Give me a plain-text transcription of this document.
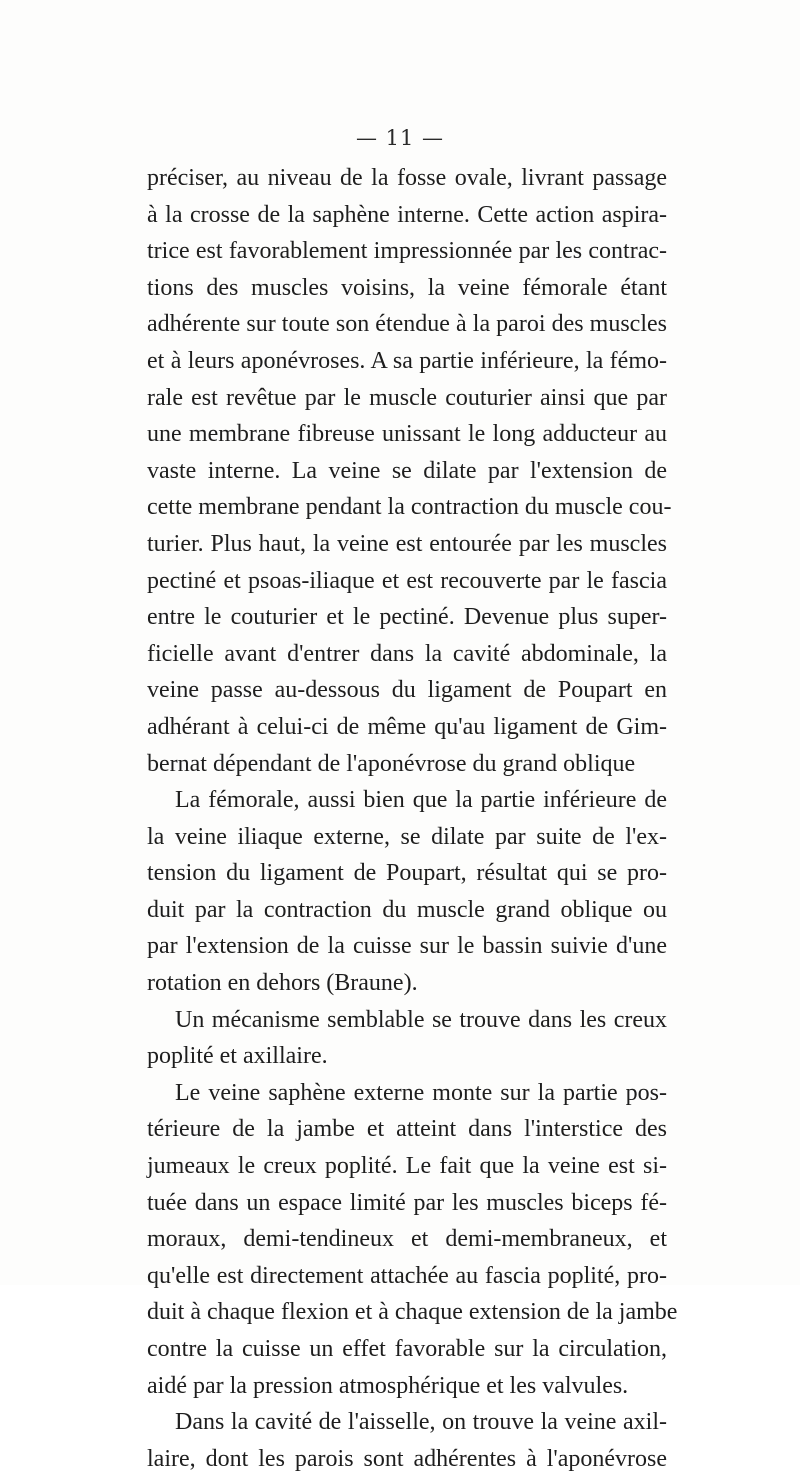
— 11 —
préciser, au niveau de la fosse ovale, livrant passage
à la crosse de la saphène interne. Cette action aspira-
trice est favorablement impressionnée par les contrac-
tions des muscles voisins, la veine fémorale étant
adhérente sur toute son étendue à la paroi des muscles
et à leurs aponévroses. A sa partie inférieure, la fémo-
rale est revêtue par le muscle couturier ainsi que par
une membrane fibreuse unissant le long adducteur au
vaste interne. La veine se dilate par l'extension de
cette membrane pendant la contraction du muscle cou-
turier. Plus haut, la veine est entourée par les muscles
pectiné et psoas-iliaque et est recouverte par le fascia
entre le couturier et le pectiné. Devenue plus super-
ficielle avant d'entrer dans la cavité abdominale, la
veine passe au-dessous du ligament de Poupart en
adhérant à celui-ci de même qu'au ligament de Gim-
bernat dépendant de l'aponévrose du grand oblique
La fémorale, aussi bien que la partie inférieure de
la veine iliaque externe, se dilate par suite de l'ex-
tension du ligament de Poupart, résultat qui se pro-
duit par la contraction du muscle grand oblique ou
par l'extension de la cuisse sur le bassin suivie d'une
rotation en dehors (Braune).
Un mécanisme semblable se trouve dans les creux
poplité et axillaire.
Le veine saphène externe monte sur la partie pos-
térieure de la jambe et atteint dans l'interstice des
jumeaux le creux poplité. Le fait que la veine est si-
tuée dans un espace limité par les muscles biceps fé-
moraux, demi-tendineux et demi-membraneux, et
qu'elle est directement attachée au fascia poplité, pro-
duit à chaque flexion et à chaque extension de la jambe
contre la cuisse un effet favorable sur la circulation,
aidé par la pression atmosphérique et les valvules.
Dans la cavité de l'aisselle, on trouve la veine axil-
laire, dont les parois sont adhérentes à l'aponévrose
